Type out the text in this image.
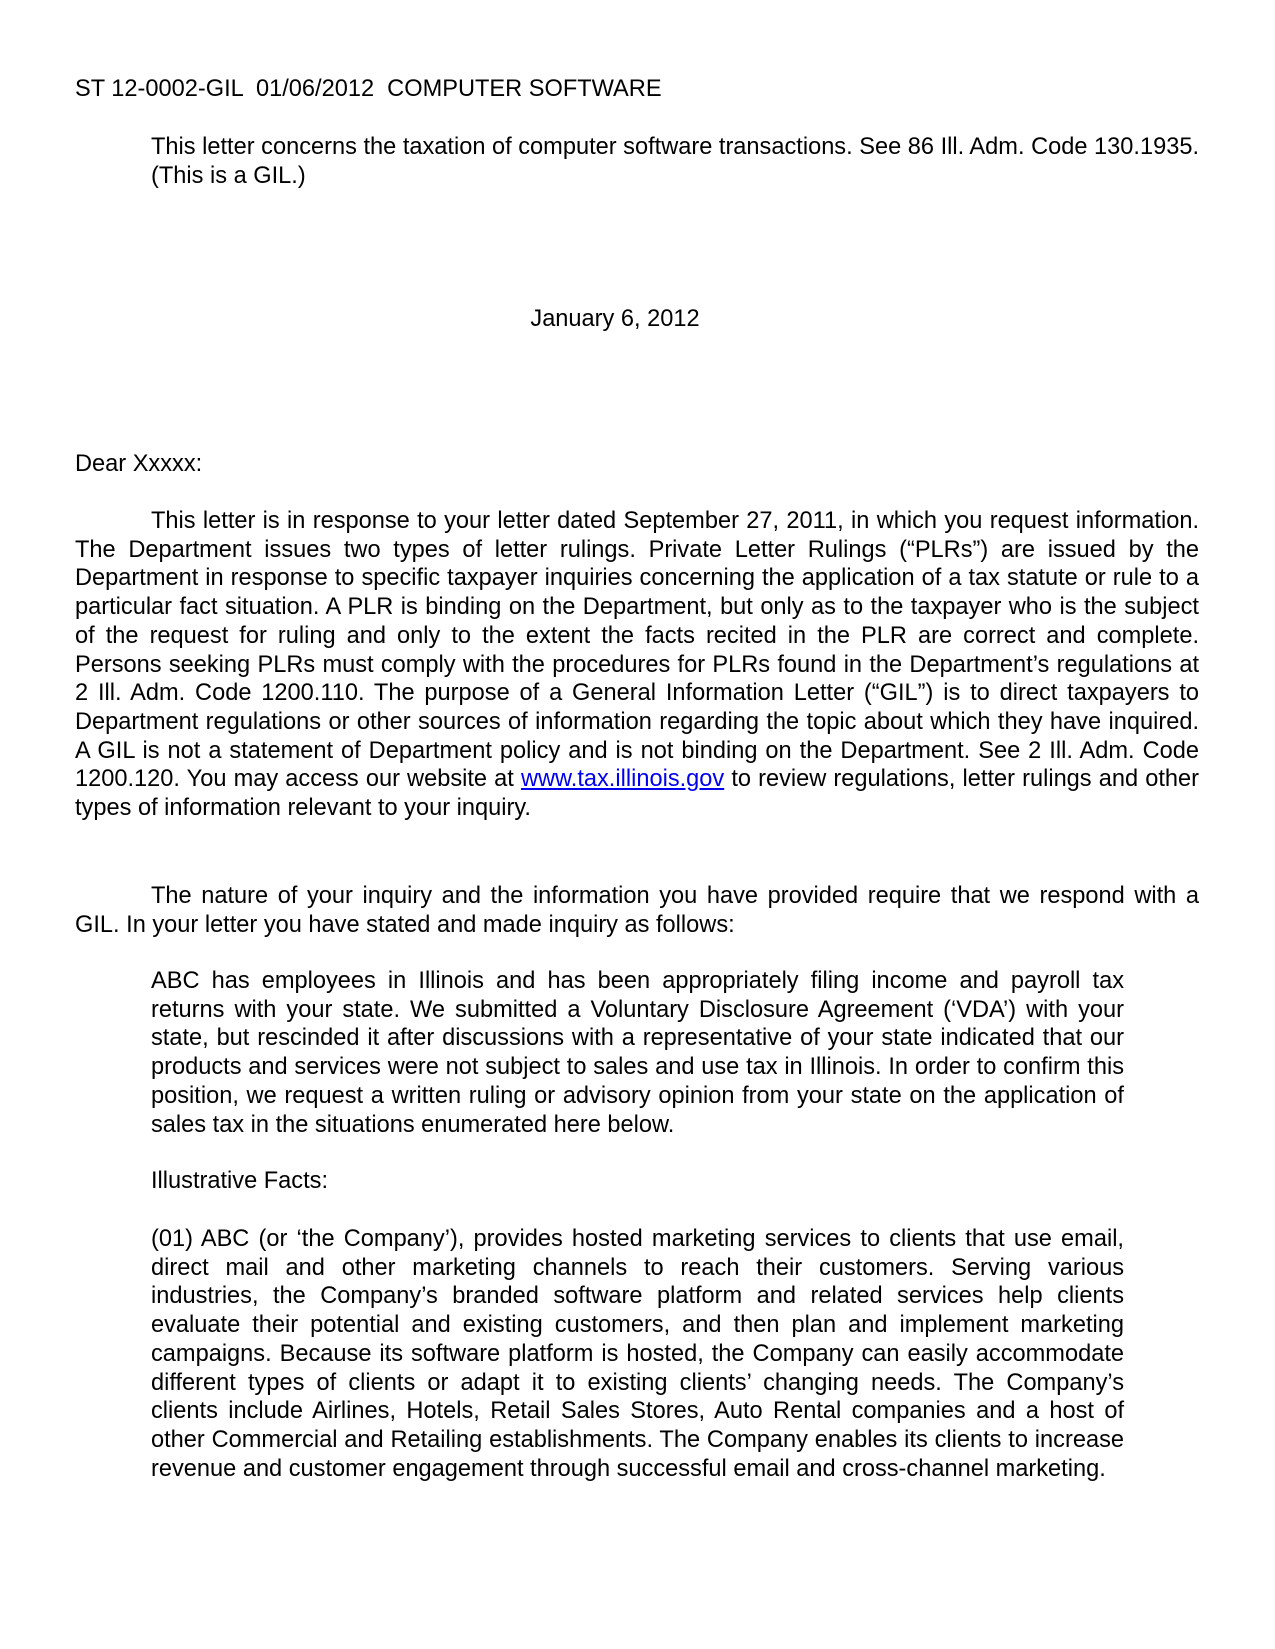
ST 12-0002-GIL  01/06/2012  COMPUTER SOFTWARE
This letter concerns the taxation of computer software transactions. See 86 Ill. Adm. Code 130.1935. (This is a GIL.)
January 6, 2012
Dear Xxxxx:
This letter is in response to your letter dated September 27, 2011, in which you request information. The Department issues two types of letter rulings. Private Letter Rulings (“PLRs”) are issued by the Department in response to specific taxpayer inquiries concerning the application of a tax statute or rule to a particular fact situation. A PLR is binding on the Department, but only as to the taxpayer who is the subject of the request for ruling and only to the extent the facts recited in the PLR are correct and complete. Persons seeking PLRs must comply with the procedures for PLRs found in the Department’s regulations at 2 Ill. Adm. Code 1200.110. The purpose of a General Information Letter (“GIL”) is to direct taxpayers to Department regulations or other sources of information regarding the topic about which they have inquired. A GIL is not a statement of Department policy and is not binding on the Department. See 2 Ill. Adm. Code 1200.120. You may access our website at www.tax.illinois.gov to review regulations, letter rulings and other types of information relevant to your inquiry.
The nature of your inquiry and the information you have provided require that we respond with a GIL. In your letter you have stated and made inquiry as follows:
ABC has employees in Illinois and has been appropriately filing income and payroll tax returns with your state. We submitted a Voluntary Disclosure Agreement (‘VDA’) with your state, but rescinded it after discussions with a representative of your state indicated that our products and services were not subject to sales and use tax in Illinois. In order to confirm this position, we request a written ruling or advisory opinion from your state on the application of sales tax in the situations enumerated here below.
Illustrative Facts:
(01) ABC (or ‘the Company’), provides hosted marketing services to clients that use email, direct mail and other marketing channels to reach their customers. Serving various industries, the Company’s branded software platform and related services help clients evaluate their potential and existing customers, and then plan and implement marketing campaigns. Because its software platform is hosted, the Company can easily accommodate different types of clients or adapt it to existing clients’ changing needs. The Company’s clients include Airlines, Hotels, Retail Sales Stores, Auto Rental companies and a host of other Commercial and Retailing establishments. The Company enables its clients to increase revenue and customer engagement through successful email and cross-channel marketing.
